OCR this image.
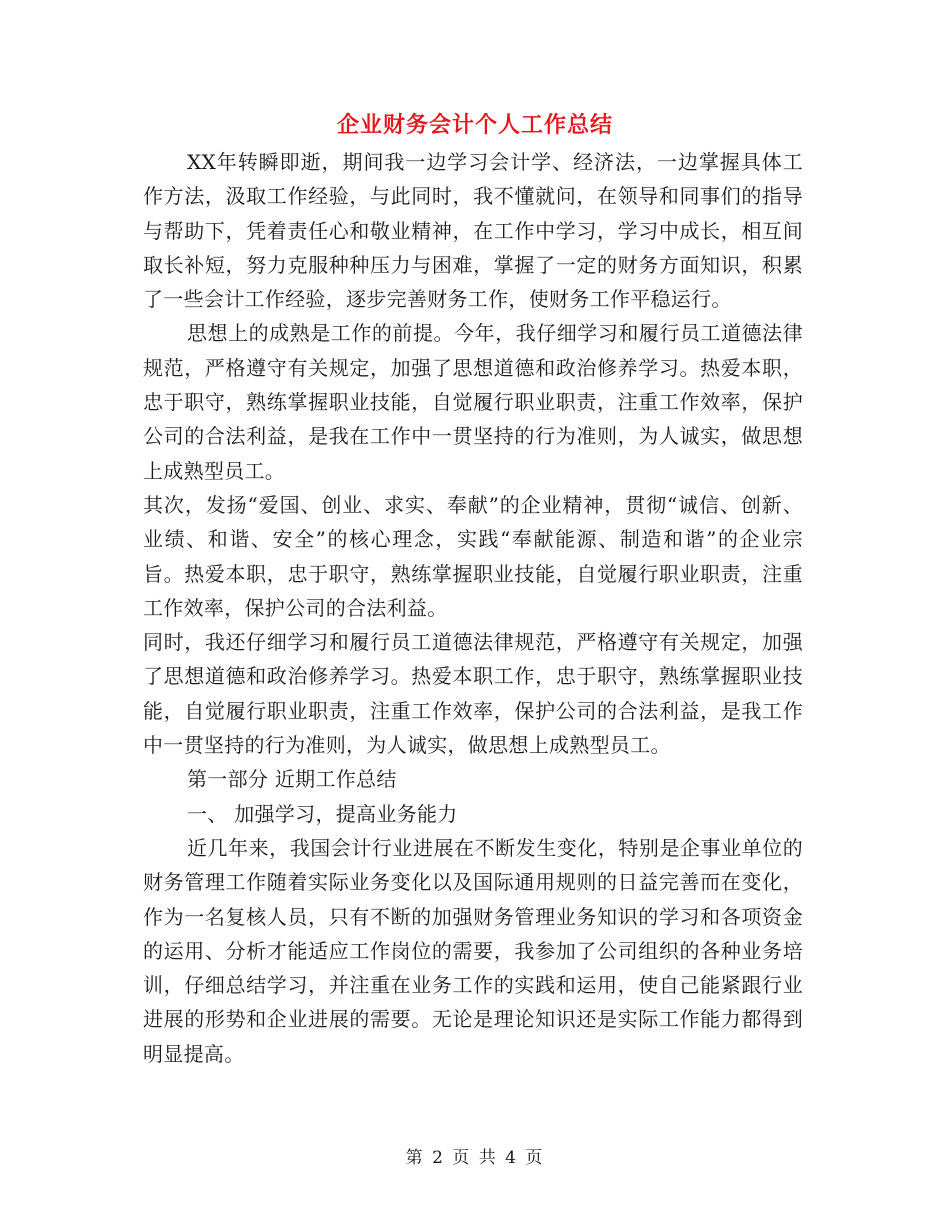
企业财务会计个人工作总结

XX年转瞬即逝，期间我一边学习会计学、经济法，一边掌握具体工作方法，汲取工作经验，与此同时，我不懂就问，在领导和同事们的指导与帮助下，凭着责任心和敬业精神，在工作中学习，学习中成长，相互间取长补短，努力克服种种压力与困难，掌握了一定的财务方面知识，积累了一些会计工作经验，逐步完善财务工作，使财务工作平稳运行。

思想上的成熟是工作的前提。今年，我仔细学习和履行员工道德法律规范，严格遵守有关规定，加强了思想道德和政治修养学习。热爱本职，忠于职守，熟练掌握职业技能，自觉履行职业职责，注重工作效率，保护公司的合法利益，是我在工作中一贯坚持的行为准则，为人诚实，做思想上成熟型员工。

其次，发扬“爱国、创业、求实、奉献”的企业精神，贯彻“诚信、创新、业绩、和谐、安全”的核心理念，实践“奉献能源、制造和谐”的企业宗旨。热爱本职，忠于职守，熟练掌握职业技能，自觉履行职业职责，注重工作效率，保护公司的合法利益。

同时，我还仔细学习和履行员工道德法律规范，严格遵守有关规定，加强了思想道德和政治修养学习。热爱本职工作，忠于职守，熟练掌握职业技能，自觉履行职业职责，注重工作效率，保护公司的合法利益，是我工作中一贯坚持的行为准则，为人诚实，做思想上成熟型员工。

第一部分 近期工作总结

一、 加强学习，提高业务能力

近几年来，我国会计行业进展在不断发生变化，特别是企事业单位的财务管理工作随着实际业务变化以及国际通用规则的日益完善而在变化，作为一名复核人员，只有不断的加强财务管理业务知识的学习和各项资金的运用、分析才能适应工作岗位的需要，我参加了公司组织的各种业务培训，仔细总结学习，并注重在业务工作的实践和运用，使自己能紧跟行业进展的形势和企业进展的需要。无论是理论知识还是实际工作能力都得到明显提高。

第 2 页 共 4 页
